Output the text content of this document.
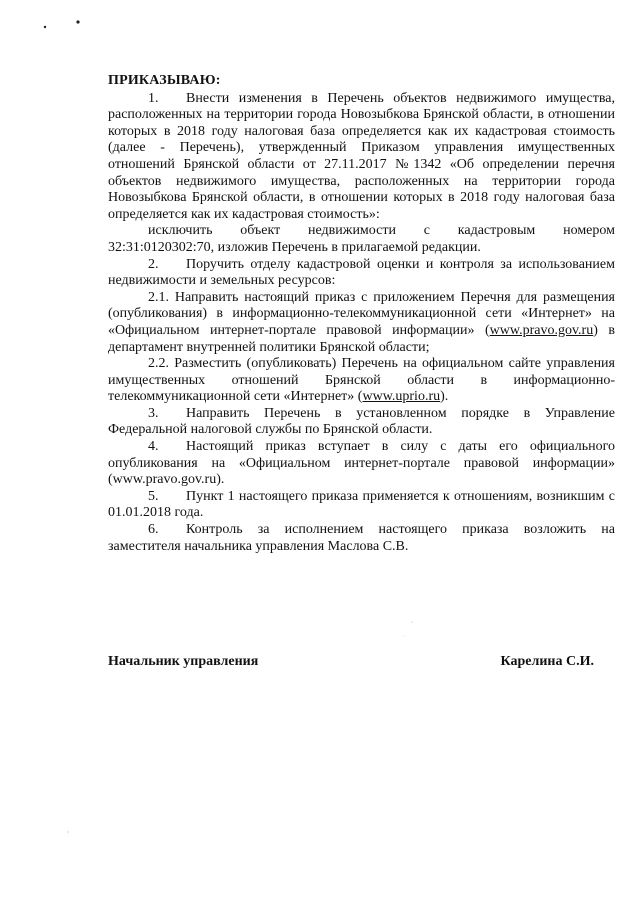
ПРИКАЗЫВАЮ:

1. Внести изменения в Перечень объектов недвижимого имущества, расположенных на территории города Новозыбкова Брянской области, в отношении которых в 2018 году налоговая база определяется как их кадастровая стоимость (далее - Перечень), утвержденный Приказом управления имущественных отношений Брянской области от 27.11.2017 №1342 «Об определении перечня объектов недвижимого имущества, расположенных на территории города Новозыбкова Брянской области, в отношении которых в 2018 году налоговая база определяется как их кадастровая стоимость»:

исключить объект недвижимости с кадастровым номером

32:31:0120302:70, изложив Перечень в прилагаемой редакции.

2. Поручить отделу кадастровой оценки и контроля за использованием недвижимости и земельных ресурсов:

2.1. Направить настоящий приказ с приложением Перечня для размещения (опубликования) в информационно-телекоммуникационной сети «Интернет» на «Официальном интернет-портале правовой информации» (www.pravo.gov.ru) в департамент внутренней политики Брянской области;

2.2. Разместить (опубликовать) Перечень на официальном сайте управления имущественных отношений Брянской области в информационно-телекоммуникационной сети «Интернет» (www.uprio.ru).

3. Направить Перечень в установленном порядке в Управление Федеральной налоговой службы по Брянской области.

4. Настоящий приказ вступает в силу с даты его официального опубликования на «Официальном интернет-портале правовой информации» (www.pravo.gov.ru).

5. Пункт 1 настоящего приказа применяется к отношениям, возникшим с 01.01.2018 года.

6. Контроль за исполнением настоящего приказа возложить на заместителя начальника управления Маслова С.В.

Начальник управления	Карелина С.И.
